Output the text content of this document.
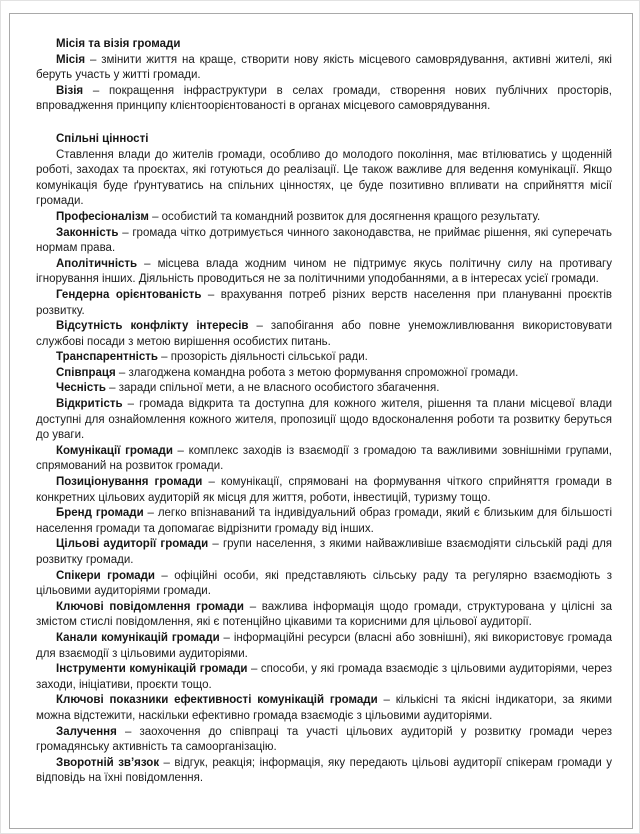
Місія та візія громади

Місія – змінити життя на краще, створити нову якість місцевого самоврядування, активні жителі, які беруть участь у житті громади.

Візія – покращення інфраструктури в селах громади, створення нових публічних просторів, впровадження принципу клієнтоорієнтованості в органах місцевого самоврядування.

Спільні цінності

Ставлення влади до жителів громади, особливо до молодого покоління, має втілюватись у щоденній роботі, заходах та проєктах, які готуються до реалізації. Це також важливе для ведення комунікації. Якщо комунікація буде ґрунтуватись на спільних цінностях, це буде позитивно впливати на сприйняття місії громади.

Професіоналізм – особистий та командний розвиток для досягнення кращого результату.

Законність – громада чітко дотримується чинного законодавства, не приймає рішення, які суперечать нормам права.

Аполітичність – місцева влада жодним чином не підтримує якусь політичну силу на противагу ігнорування інших. Діяльність проводиться не за політичними уподобаннями, а в інтересах усієї громади.

Гендерна орієнтованість – врахування потреб різних верств населення при плануванні проєктів розвитку.

Відсутність конфлікту інтересів – запобігання або повне унеможливлювання використовувати службові посади з метою вирішення особистих питань.

Транспарентність – прозорість діяльності сільської ради.

Співпраця – злагоджена командна робота з метою формування спроможної громади.

Чесність – заради спільної мети, а не власного особистого збагачення.

Відкритість – громада відкрита та доступна для кожного жителя, рішення та плани місцевої влади доступні для ознайомлення кожного жителя, пропозиції щодо вдосконалення роботи та розвитку беруться до уваги.

Комунікації громади – комплекс заходів із взаємодії з громадою та важливими зовнішніми групами, спрямований на розвиток громади.

Позиціонування громади – комунікації, спрямовані на формування чіткого сприйняття громади в конкретних цільових аудиторій як місця для життя, роботи, інвестицій, туризму тощо.

Бренд громади – легко впізнаваний та індивідуальний образ громади, який є близьким для більшості населення громади та допомагає відрізнити громаду від інших.

Цільові аудиторії громади – групи населення, з якими найважливіше взаємодіяти сільській раді для розвитку громади.

Спікери громади – офіційні особи, які представляють сільську раду та регулярно взаємодіють з цільовими аудиторіями громади.

Ключові повідомлення громади – важлива інформація щодо громади, структурована у цілісні за змістом стислі повідомлення, які є потенційно цікавими та корисними для цільової аудиторії.

Канали комунікацій громади – інформаційні ресурси (власні або зовнішні), які використовує громада для взаємодії з цільовими аудиторіями.

Інструменти комунікацій громади – способи, у які громада взаємодіє з цільовими аудиторіями, через заходи, ініціативи, проєкти тощо.

Ключові показники ефективності комунікацій громади – кількісні та якісні індикатори, за якими можна відстежити, наскільки ефективно громада взаємодіє з цільовими аудиторіями.

Залучення – заохочення до співпраці та участі цільових аудиторій у розвитку громади через громадянську активність та самоорганізацію.

Зворотній зв’язок – відгук, реакція; інформація, яку передають цільові аудиторії спікерам громади у відповідь на їхні повідомлення.
